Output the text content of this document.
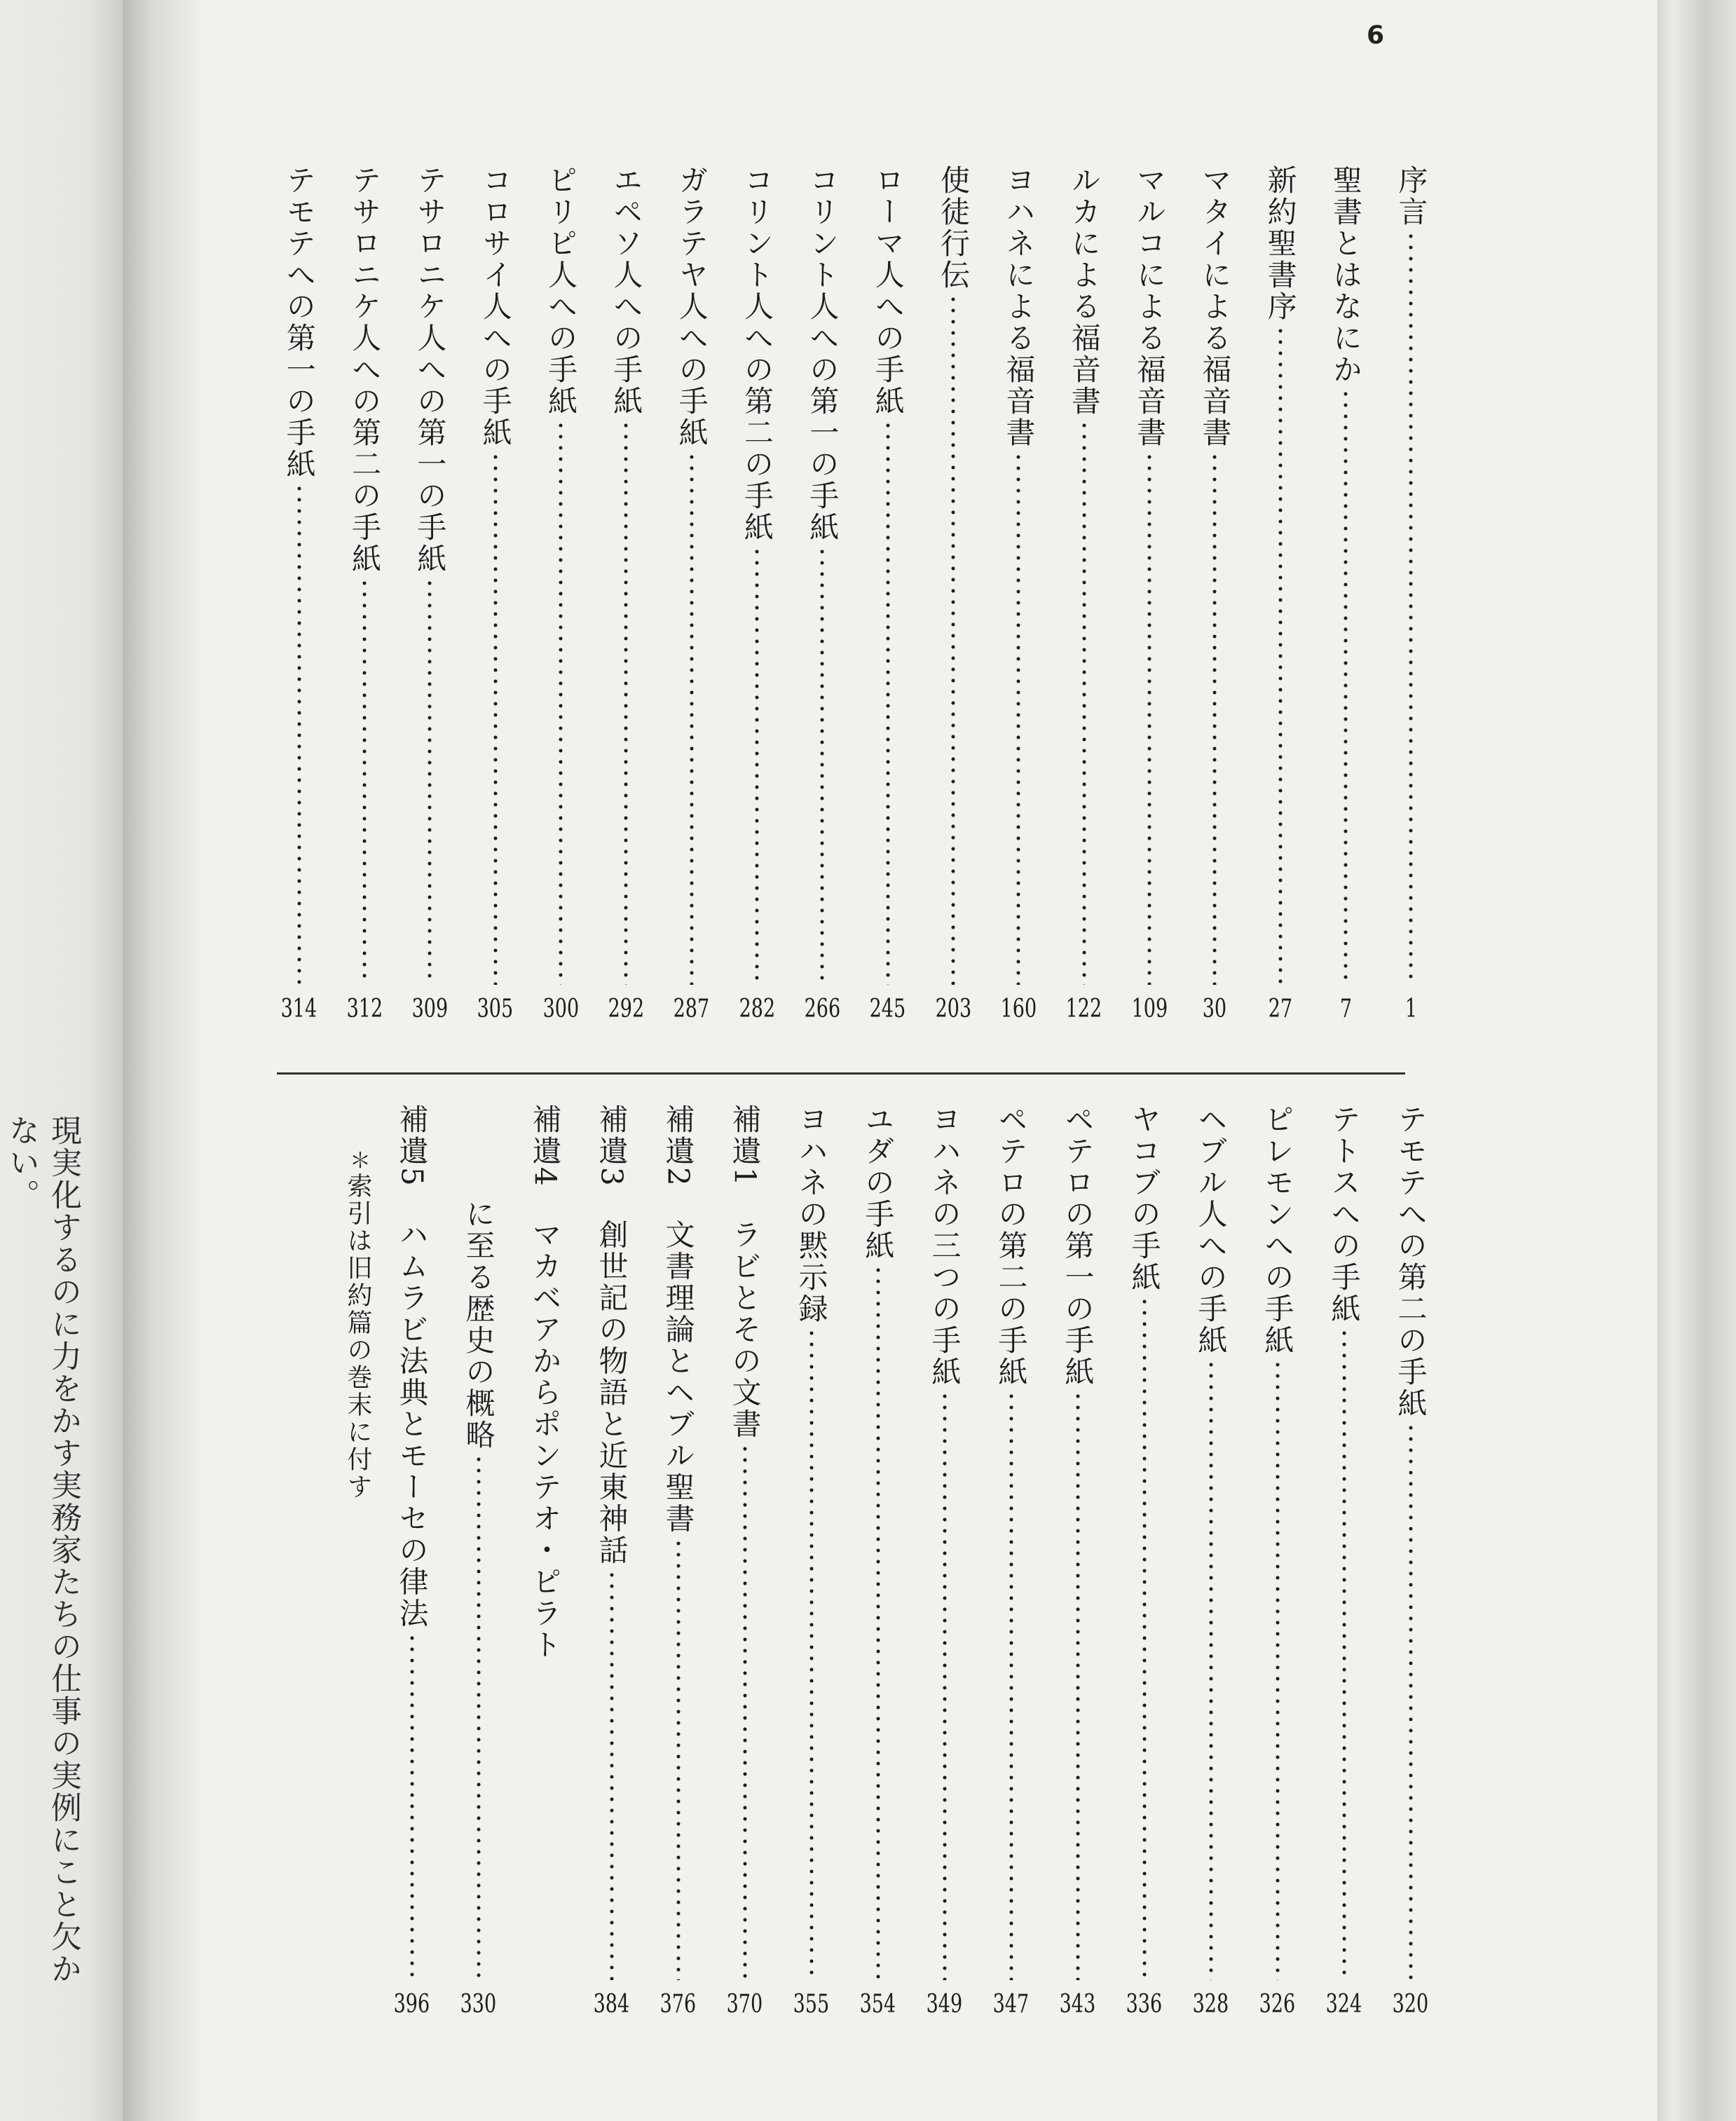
現実化するのに力をかす実務家たちの仕事の実例にこと欠か
ない。
6
序言
1
聖書とはなにか
7
新約聖書序
27
マタイによる福音書
30
マルコによる福音書
109
ルカによる福音書
122
ヨハネによる福音書
160
使徒行伝
203
ローマ人への手紙
245
コリント人への第一の手紙
266
コリント人への第二の手紙
282
ガラテヤ人への手紙
287
エペソ人への手紙
292
ピリピ人への手紙
300
コロサイ人への手紙
305
テサロニケ人への第一の手紙
309
テサロニケ人への第二の手紙
312
テモテへの第一の手紙
314
テモテへの第二の手紙
320
テトスへの手紙
324
ピレモンへの手紙
326
ヘブル人への手紙
328
ヤコブの手紙
336
ペテロの第一の手紙
343
ペテロの第二の手紙
347
ヨハネの三つの手紙
349
ユダの手紙
354
ヨハネの黙示録
355
補遺1　ラビとその文書
370
補遺2　文書理論とヘブル聖書
376
補遺3　創世記の物語と近東神話
384
補遺4　マカベアからポンテオ・ピラト
　　　に至る歴史の概略
330
補遺5　ハムラビ法典とモーセの律法
396
＊索引は旧約篇の巻末に付す
